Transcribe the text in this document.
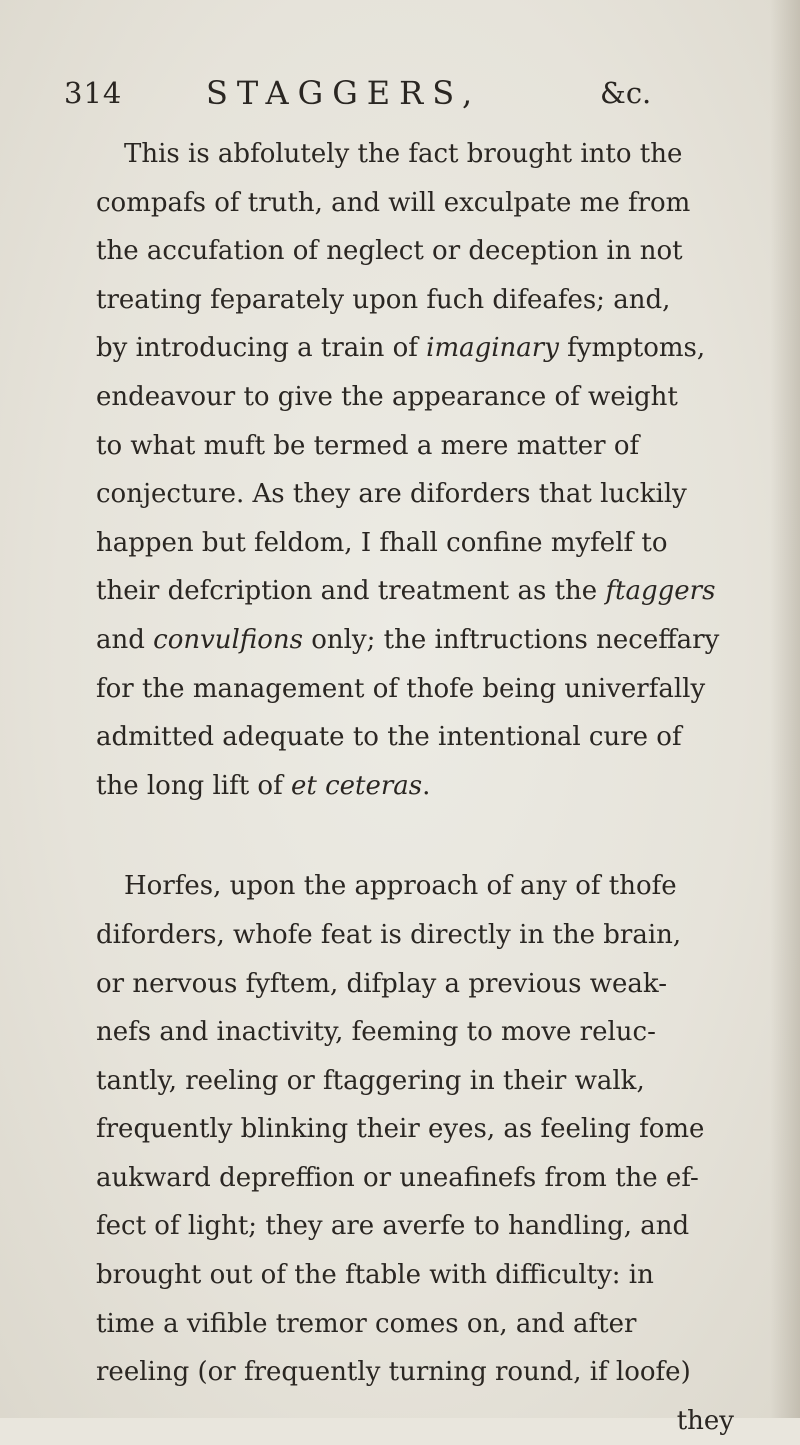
314	STAGGERS,	&c.
This is abfolutely the fact brought into the
compafs of truth, and will exculpate me from
the accufation of neglect or deception in not
treating feparately upon fuch difeafes; and,
by introducing a train of imaginary fymptoms,
endeavour to give the appearance of weight
to what muft be termed a mere matter of
conjecture. As they are diforders that luckily
happen but feldom, I fhall confine myfelf to
their defcription and treatment as the ftaggers
and convulfions only; the inftructions neceffary
for the management of thofe being univerfally
admitted adequate to the intentional cure of
the long lift of et ceteras.
Horfes, upon the approach of any of thofe
diforders, whofe feat is directly in the brain,
or nervous fyftem, difplay a previous weak-
nefs and inactivity, feeming to move reluc-
tantly, reeling or ftaggering in their walk,
frequently blinking their eyes, as feeling fome
aukward depreffion or uneafinefs from the ef-
fect of light; they are averfe to handling, and
brought out of the ftable with difficulty: in
time a vifible tremor comes on, and after
reeling (or frequently turning round, if loofe)
they
